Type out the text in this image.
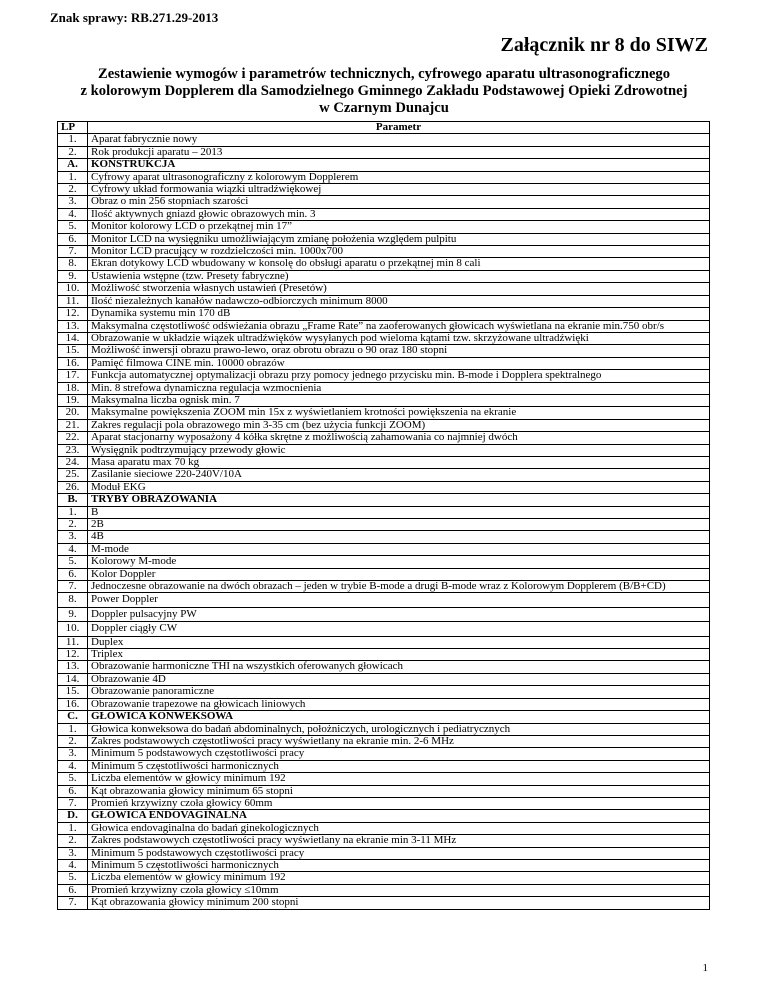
Znak sprawy: RB.271.29-2013
Załącznik nr 8 do SIWZ
Zestawienie wymogów i parametrów technicznych, cyfrowego aparatu ultrasonograficznego
z kolorowym Dopplerem dla Samodzielnego Gminnego Zakładu Podstawowej Opieki Zdrowotnej
w Czarnym Dunajcu
LP	Parametr
1.	Aparat fabrycznie nowy
2.	Rok produkcji aparatu – 2013
A.	KONSTRUKCJA
1.	Cyfrowy aparat ultrasonograficzny z kolorowym Dopplerem
2.	Cyfrowy układ formowania wiązki ultradźwiękowej
3.	Obraz o min 256 stopniach szarości
4.	Ilość aktywnych gniazd głowic obrazowych min. 3
5.	Monitor kolorowy LCD o przekątnej min 17”
6.	Monitor LCD na wysięgniku umożliwiającym zmianę położenia względem pulpitu
7.	Monitor LCD pracujący w rozdzielczości min. 1000x700
8.	Ekran dotykowy LCD wbudowany w konsolę do obsługi aparatu o przekątnej min 8 cali
9.	Ustawienia wstępne (tzw. Presety fabryczne)
10.	Możliwość stworzenia własnych ustawień (Presetów)
11.	Ilość niezależnych kanałów nadawczo-odbiorczych minimum 8000
12.	Dynamika systemu min 170 dB
13.	Maksymalna częstotliwość odświeżania obrazu „Frame Rate” na zaoferowanych głowicach wyświetlana na ekranie min.750 obr/s
14.	Obrazowanie w układzie wiązek ultradźwięków wysyłanych pod wieloma kątami tzw. skrzyżowane ultradźwięki
15.	Możliwość inwersji obrazu prawo-lewo, oraz obrotu obrazu o 90 oraz 180 stopni
16.	Pamięć filmowa CINE min. 10000 obrazów
17.	Funkcja automatycznej optymalizacji obrazu przy pomocy jednego przycisku min. B-mode i Dopplera spektralnego
18.	Min. 8 strefowa dynamiczna regulacja wzmocnienia
19.	Maksymalna liczba ognisk min. 7
20.	Maksymalne powiększenia ZOOM min 15x z wyświetlaniem krotności powiększenia na ekranie
21.	Zakres regulacji pola obrazowego min 3-35 cm (bez użycia funkcji ZOOM)
22.	Aparat stacjonarny wyposażony 4 kółka skrętne z możliwością zahamowania co najmniej dwóch
23.	Wysięgnik podtrzymujący przewody głowic
24.	Masa aparatu max 70 kg
25.	Zasilanie sieciowe 220-240V/10A
26.	Moduł EKG
B.	TRYBY OBRAZOWANIA
1.	B
2.	2B
3.	4B
4.	M-mode
5.	Kolorowy M-mode
6.	Kolor Doppler
7.	Jednoczesne obrazowanie na dwóch obrazach – jeden w trybie B-mode a drugi B-mode wraz z Kolorowym Dopplerem (B/B+CD)
8.	Power Doppler
9.	Doppler pulsacyjny PW
10.	Doppler ciągły CW
11.	Duplex
12.	Triplex
13.	Obrazowanie harmoniczne THI na wszystkich oferowanych głowicach
14.	Obrazowanie 4D
15.	Obrazowanie panoramiczne
16.	Obrazowanie trapezowe na głowicach liniowych
C.	GŁOWICA KONWEKSOWA
1.	Głowica konweksowa do badań abdominalnych, położniczych, urologicznych i pediatrycznych
2.	Zakres podstawowych częstotliwości pracy wyświetlany na ekranie min. 2-6 MHz
3.	Minimum 5 podstawowych częstotliwości pracy
4.	Minimum 5 częstotliwości harmonicznych
5.	Liczba elementów w głowicy minimum 192
6.	Kąt obrazowania głowicy minimum 65 stopni
7.	Promień krzywizny czoła głowicy 60mm
D.	GŁOWICA ENDOVAGINALNA
1.	Głowica endovaginalna do badań ginekologicznych
2.	Zakres podstawowych częstotliwości pracy wyświetlany na ekranie min 3-11 MHz
3.	Minimum 5 podstawowych częstotliwości pracy
4.	Minimum 5 częstotliwości harmonicznych
5.	Liczba elementów w głowicy minimum 192
6.	Promień krzywizny czoła głowicy ≤10mm
7.	Kąt obrazowania głowicy minimum 200 stopni
1
